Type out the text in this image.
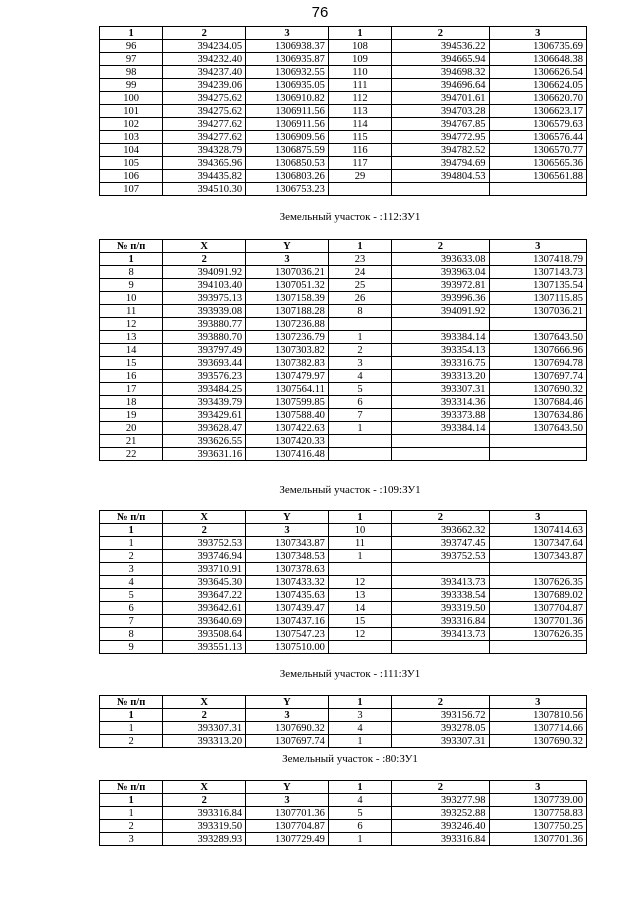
76
1	2	3	1	2	3
96	394234.05	1306938.37	108	394536.22	1306735.69
97	394232.40	1306935.87	109	394665.94	1306648.38
98	394237.40	1306932.55	110	394698.32	1306626.54
99	394239.06	1306935.05	111	394696.64	1306624.05
100	394275.62	1306910.82	112	394701.61	1306620.70
101	394275.62	1306911.56	113	394703.28	1306623.17
102	394277.62	1306911.56	114	394767.85	1306579.63
103	394277.62	1306909.56	115	394772.95	1306576.44
104	394328.79	1306875.59	116	394782.52	1306570.77
105	394365.96	1306850.53	117	394794.69	1306565.36
106	394435.82	1306803.26	29	394804.53	1306561.88
107	394510.30	1306753.23			
Земельный участок - :112:ЗУ1
№ п/п	X	Y	1	2	3
1	2	3	23	393633.08	1307418.79
8	394091.92	1307036.21	24	393963.04	1307143.73
9	394103.40	1307051.32	25	393972.81	1307135.54
10	393975.13	1307158.39	26	393996.36	1307115.85
11	393939.08	1307188.28	8	394091.92	1307036.21
12	393880.77	1307236.88			
13	393880.70	1307236.79	1	393384.14	1307643.50
14	393797.49	1307303.82	2	393354.13	1307666.96
15	393693.44	1307382.83	3	393316.75	1307694.78
16	393576.23	1307479.97	4	393313.20	1307697.74
17	393484.25	1307564.11	5	393307.31	1307690.32
18	393439.79	1307599.85	6	393314.36	1307684.46
19	393429.61	1307588.40	7	393373.88	1307634.86
20	393628.47	1307422.63	1	393384.14	1307643.50
21	393626.55	1307420.33			
22	393631.16	1307416.48			
Земельный участок - :109:ЗУ1
№ п/п	X	Y	1	2	3
1	2	3	10	393662.32	1307414.63
1	393752.53	1307343.87	11	393747.45	1307347.64
2	393746.94	1307348.53	1	393752.53	1307343.87
3	393710.91	1307378.63			
4	393645.30	1307433.32	12	393413.73	1307626.35
5	393647.22	1307435.63	13	393338.54	1307689.02
6	393642.61	1307439.47	14	393319.50	1307704.87
7	393640.69	1307437.16	15	393316.84	1307701.36
8	393508.64	1307547.23	12	393413.73	1307626.35
9	393551.13	1307510.00			
Земельный участок - :111:ЗУ1
№ п/п	X	Y	1	2	3
1	2	3	3	393156.72	1307810.56
1	393307.31	1307690.32	4	393278.05	1307714.66
2	393313.20	1307697.74	1	393307.31	1307690.32
Земельный участок - :80:ЗУ1
№ п/п	X	Y	1	2	3
1	2	3	4	393277.98	1307739.00
1	393316.84	1307701.36	5	393252.88	1307758.83
2	393319.50	1307704.87	6	393246.40	1307750.25
3	393289.93	1307729.49	1	393316.84	1307701.36
